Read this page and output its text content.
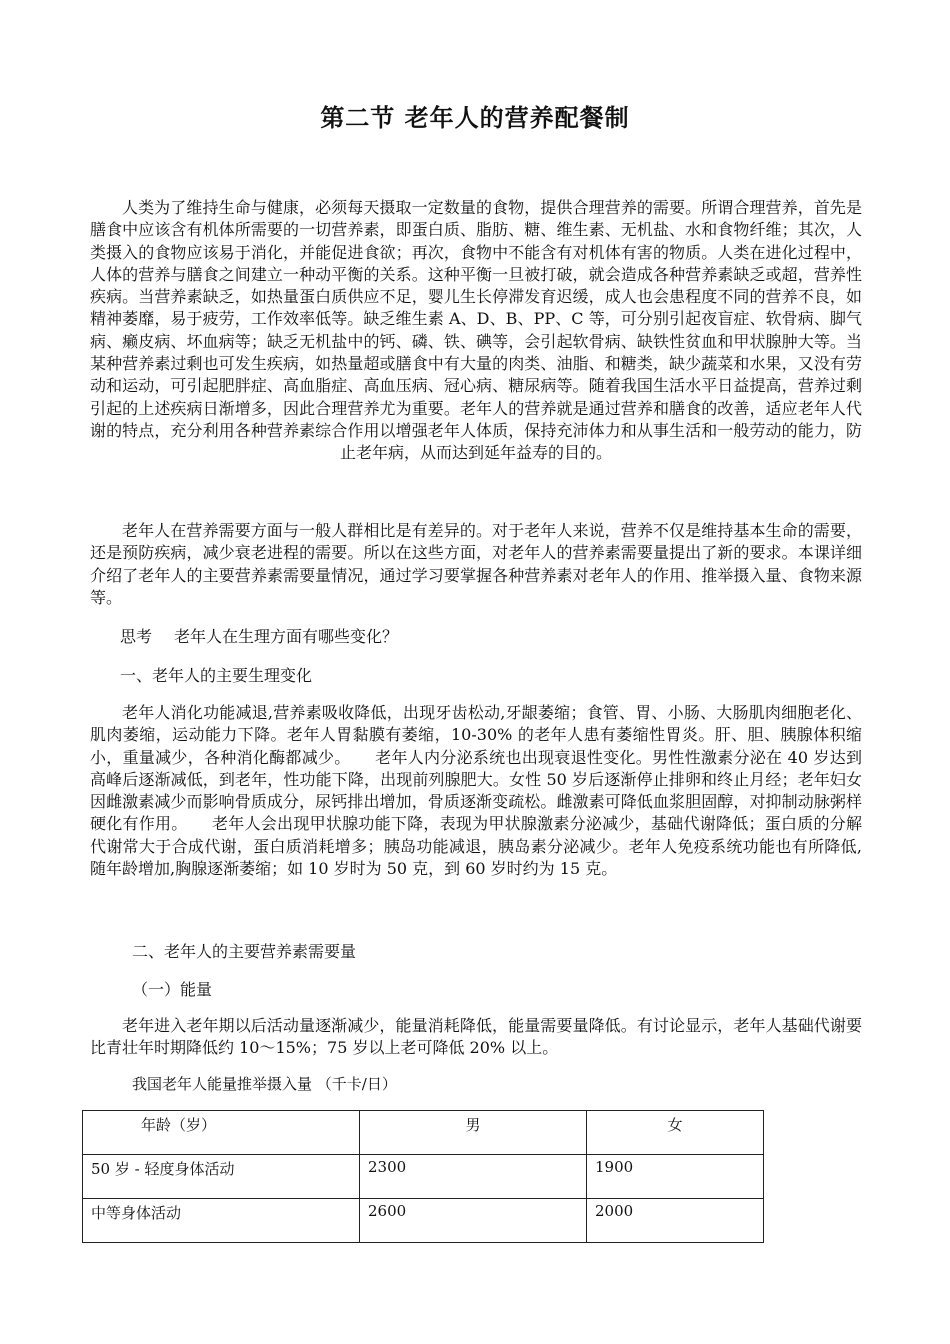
第二节 老年人的营养配餐制

人类为了维持生命与健康，必须每天摄取一定数量的食物，提供合理营养的需要。所谓合理营养，首先是膳食中应该含有机体所需要的一切营养素，即蛋白质、脂肪、糖、维生素、无机盐、水和食物纤维；其次，人类摄入的食物应该易于消化，并能促进食欲；再次，食物中不能含有对机体有害的物质。人类在进化过程中，人体的营养与膳食之间建立一种动平衡的关系。这种平衡一旦被打破，就会造成各种营养素缺乏或超，营养性疾病。当营养素缺乏，如热量蛋白质供应不足，婴儿生长停滞发育迟缓，成人也会患程度不同的营养不良，如精神萎靡，易于疲劳，工作效率低等。缺乏维生素 A、D、B、PP、C 等，可分别引起夜盲症、软骨病、脚气病、癞皮病、坏血病等；缺乏无机盐中的钙、磷、铁、碘等，会引起软骨病、缺铁性贫血和甲状腺肿大等。当某种营养素过剩也可发生疾病，如热量超或膳食中有大量的肉类、油脂、和糖类，缺少蔬菜和水果，又没有劳动和运动，可引起肥胖症、高血脂症、高血压病、冠心病、糖尿病等。随着我国生活水平日益提高，营养过剩引起的上述疾病日渐增多，因此合理营养尤为重要。老年人的营养就是通过营养和膳食的改善，适应老年人代谢的特点，充分利用各种营养素综合作用以增强老年人体质，保持充沛体力和从事生活和一般劳动的能力，防止老年病，从而达到延年益寿的目的。

老年人在营养需要方面与一般人群相比是有差异的。对于老年人来说，营养不仅是维持基本生命的需要，还是预防疾病，减少衰老进程的需要。所以在这些方面，对老年人的营养素需要量提出了新的要求。本课详细介绍了老年人的主要营养素需要量情况，通过学习要掌握各种营养素对老年人的作用、推举摄入量、食物来源等。

思考 老年人在生理方面有哪些变化？

一、老年人的主要生理变化

老年人消化功能减退,营养素吸收降低，出现牙齿松动,牙龈萎缩；食管、胃、小肠、大肠肌肉细胞老化、肌肉萎缩，运动能力下降。老年人胃黏膜有萎缩，10-30% 的老年人患有萎缩性胃炎。肝、胆、胰腺体积缩小，重量减少，各种消化酶都减少。　　老年人内分泌系统也出现衰退性变化。男性性激素分泌在 40 岁达到高峰后逐渐减低，到老年，性功能下降，出现前列腺肥大。女性 50 岁后逐渐停止排卵和终止月经；老年妇女因雌激素减少而影响骨质成分，尿钙排出增加，骨质逐渐变疏松。雌激素可降低血浆胆固醇，对抑制动脉粥样硬化有作用。　　老年人会出现甲状腺功能下降，表现为甲状腺激素分泌减少，基础代谢降低；蛋白质的分解代谢常大于合成代谢，蛋白质消耗增多；胰岛功能减退，胰岛素分泌减少。老年人免疫系统功能也有所降低,随年龄增加,胸腺逐渐萎缩；如 10 岁时为 50 克，到 60 岁时约为 15 克。

二、老年人的主要营养素需要量

（一）能量

老年进入老年期以后活动量逐渐减少，能量消耗降低，能量需要量降低。有讨论显示，老年人基础代谢要比青壮年时期降低约 10～15%；75 岁以上老可降低 20% 以上。

我国老年人能量推举摄入量 （千卡/日）

年龄（岁）	男	女
50 岁 - 轻度身体活动	2300	1900
中等身体活动	2600	2000
